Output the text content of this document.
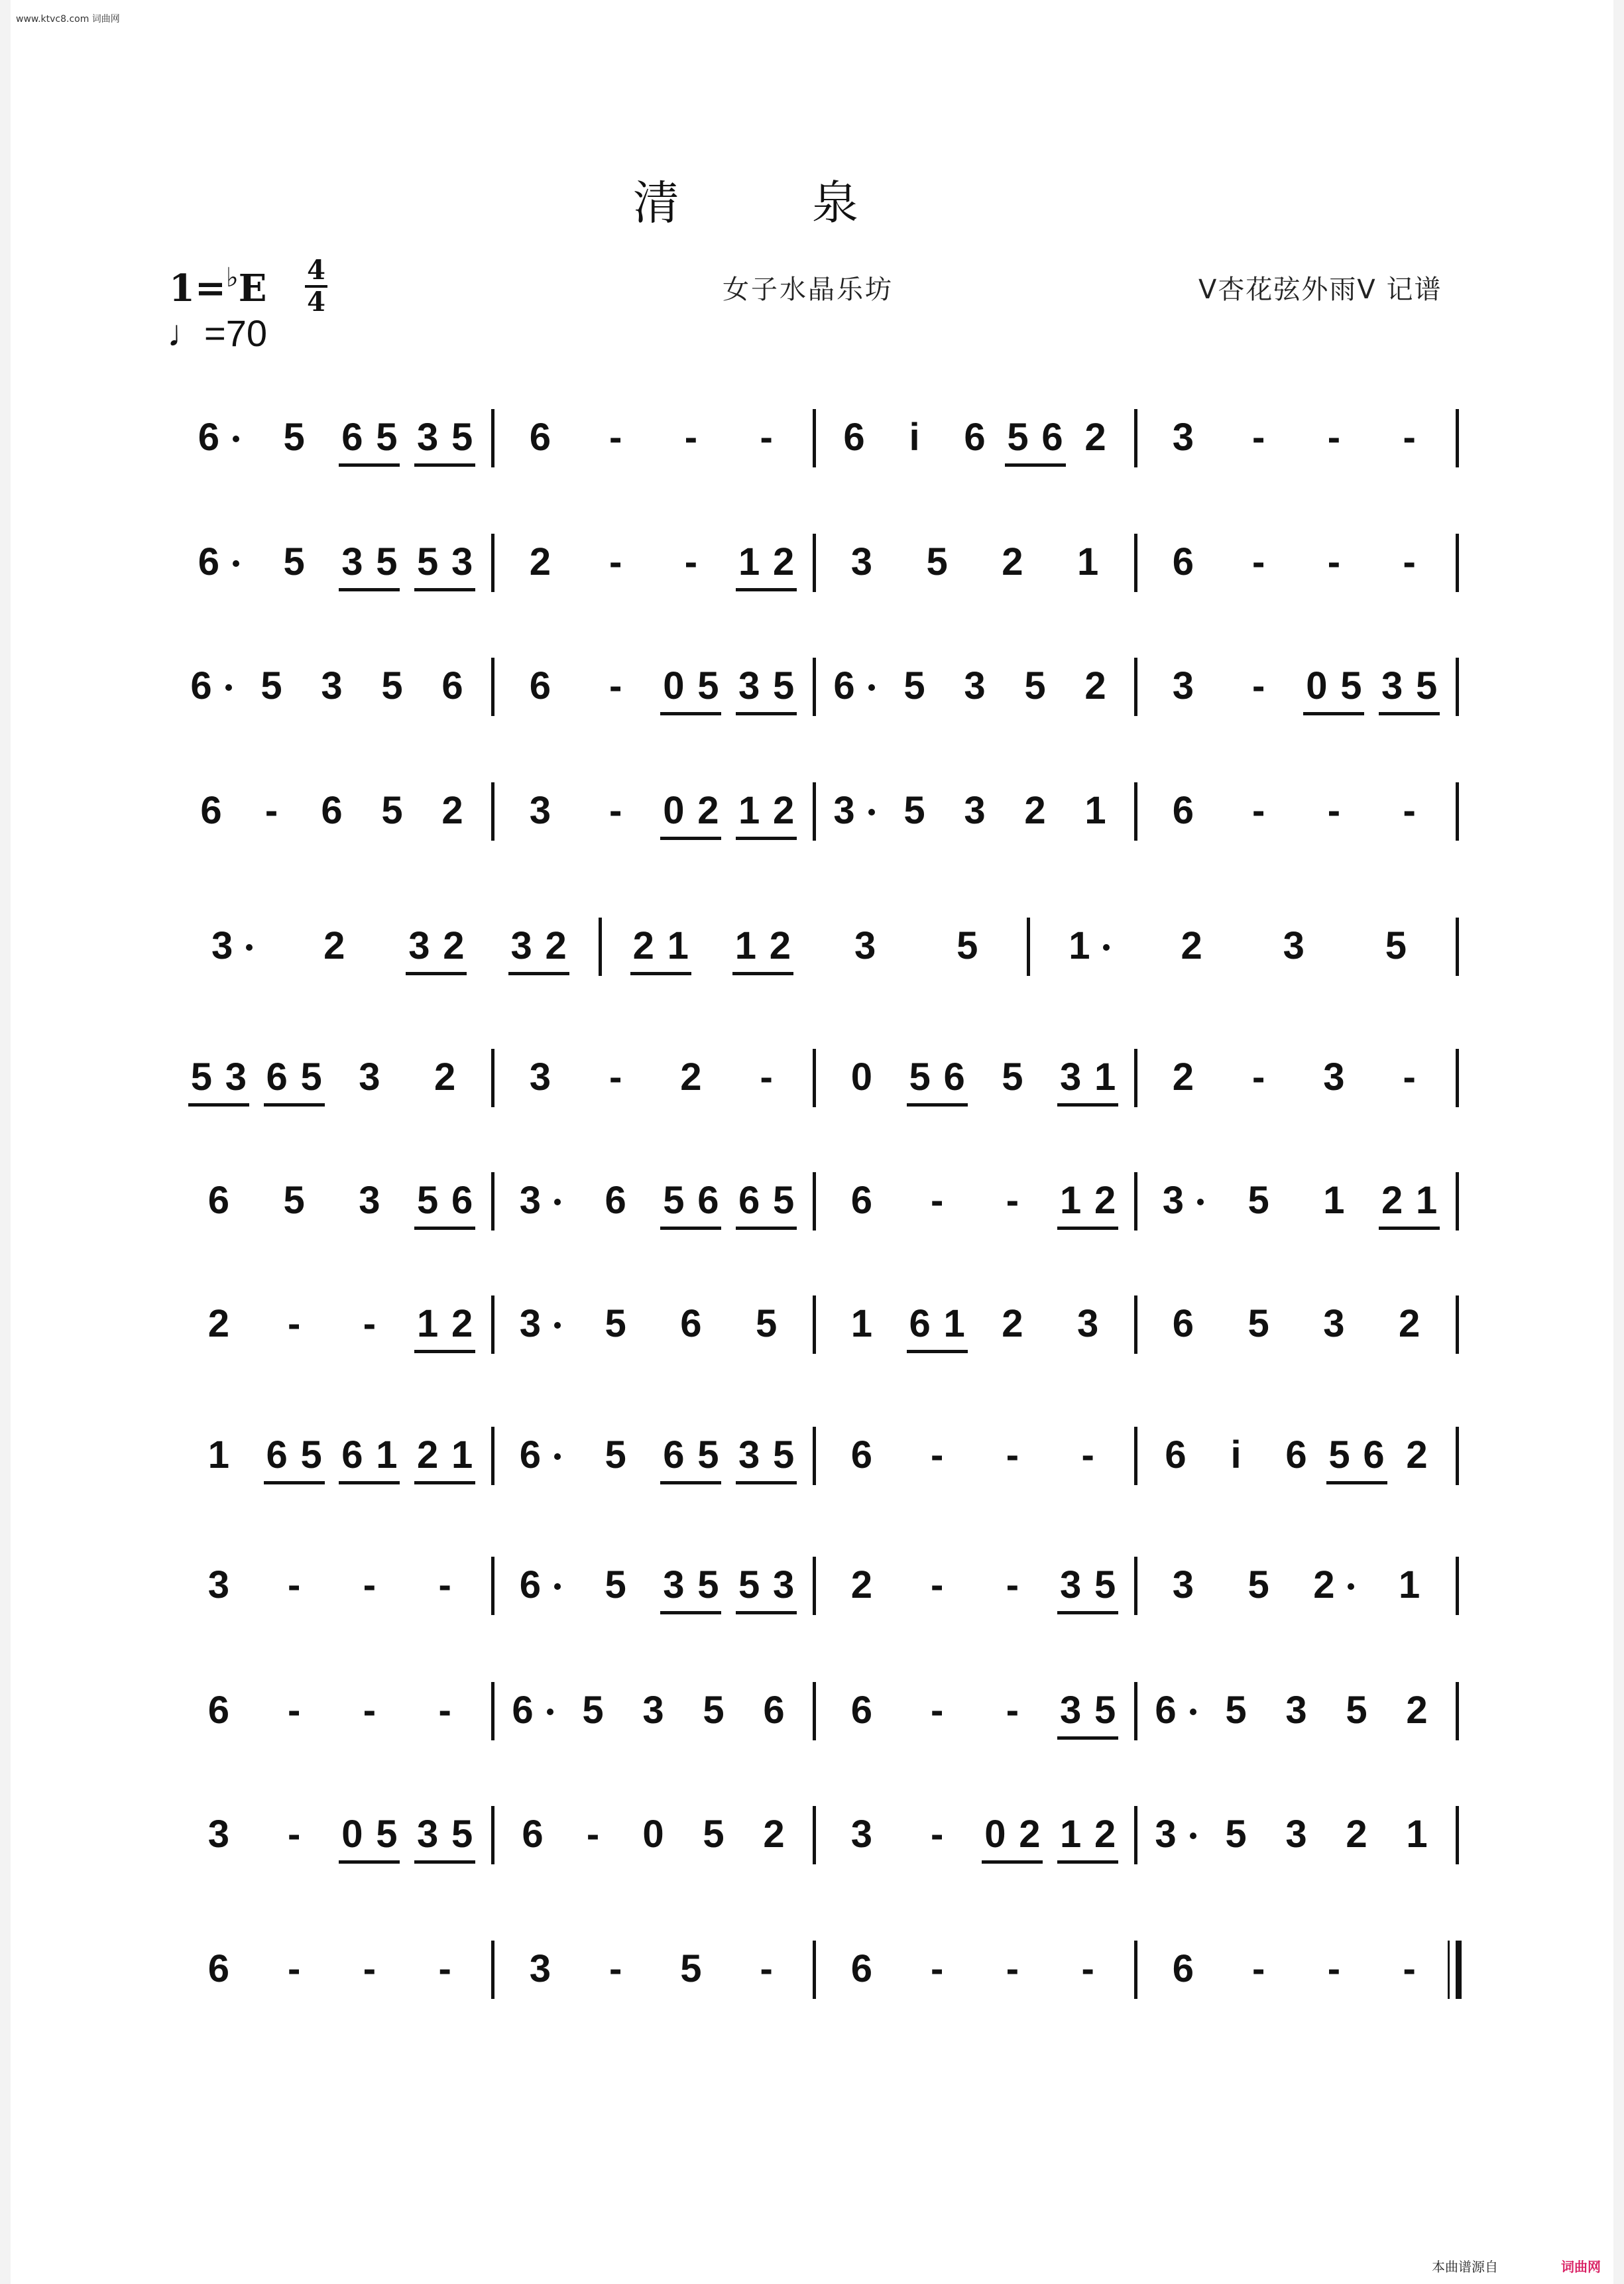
www.ktvc8.com 词曲网
清泉
1=♭E 4
4
♩=70
女子水晶乐坊	V杏花弦外雨V 记谱
6 5 6 5 3 5 6 - - - 6 i 6 5 6 2 3 - - -
6 5 3 5 5 3 2 - - 1 2 3 5 2 1 6 - - -
6 5 3 5 6 6 - 0 5 3 5 6 5 3 5 2 3 - 0 5 3 5
6 - 6 5 2 3 - 0 2 1 2 3 5 3 2 1 6 - - -
3 2 3 2 3 2 2 1 1 2 3 5 1 2 3 5
5 3 6 5 3 2 3 - 2 - 0 5 6 5 3 1 2 - 3 -
6 5 3 5 6 3 6 5 6 6 5 6 - - 1 2 3 5 1 2 1
2 - - 1 2 3 5 6 5 1 6 1 2 3 6 5 3 2
1 6 5 6 1 2 1 6 5 6 5 3 5 6 - - - 6 i 6 5 6 2
3 - - - 6 5 3 5 5 3 2 - - 3 5 3 5 2 1
6 - - - 6 5 3 5 6 6 - - 3 5 6 5 3 5 2
3 - 0 5 3 5 6 - 0 5 2 3 - 0 2 1 2 3 5 3 2 1
6 - - - 3 - 5 - 6 - - - 6 - - -
本曲谱源自	词曲网
